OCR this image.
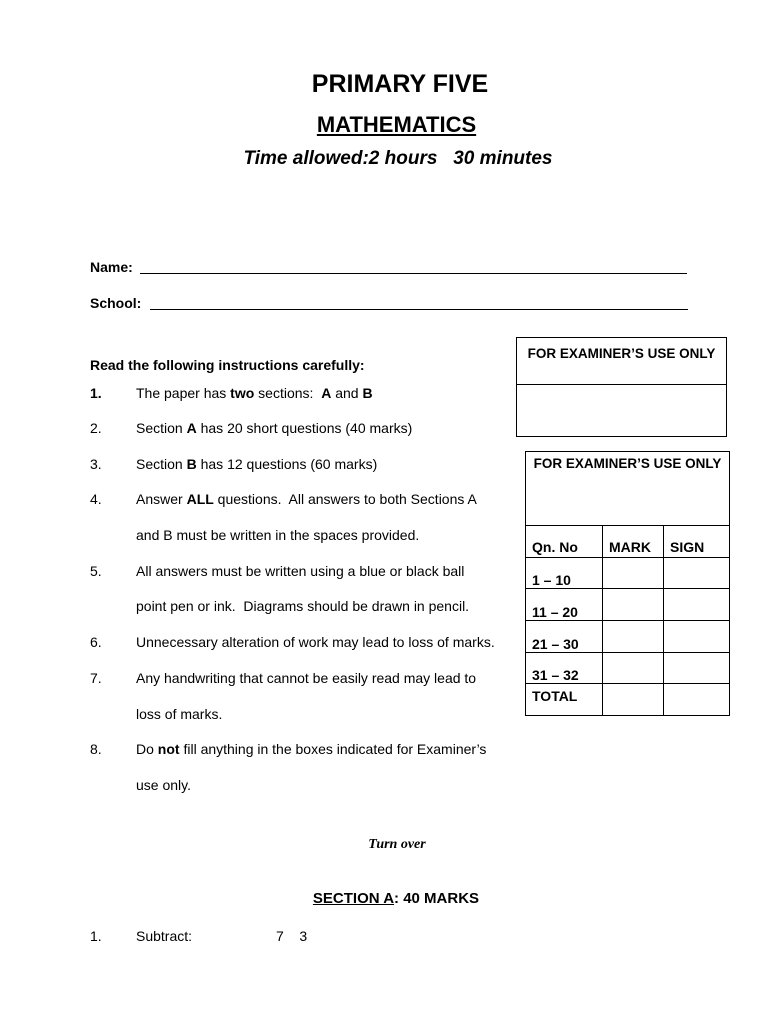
PRIMARY FIVE
MATHEMATICS
Time allowed:2 hours   30 minutes
Name:
School:
Read the following instructions carefully:
1. The paper has two sections:  A and B
2. Section A has 20 short questions (40 marks)
3. Section B has 12 questions (60 marks)
4. Answer ALL questions.  All answers to both Sections A
and B must be written in the spaces provided.
5. All answers must be written using a blue or black ball
point pen or ink.  Diagrams should be drawn in pencil.
6. Unnecessary alteration of work may lead to loss of marks.
7. Any handwriting that cannot be easily read may lead to
loss of marks.
8. Do not fill anything in the boxes indicated for Examiner’s
use only.
FOR EXAMINER’S USE ONLY
FOR EXAMINER’S USE ONLY		
Qn. No	MARK	SIGN
1 – 10		
11 – 20		
21 – 30		
31 – 32		
TOTAL		
Turn over
SECTION A: 40 MARKS
1. Subtract:	7    3
